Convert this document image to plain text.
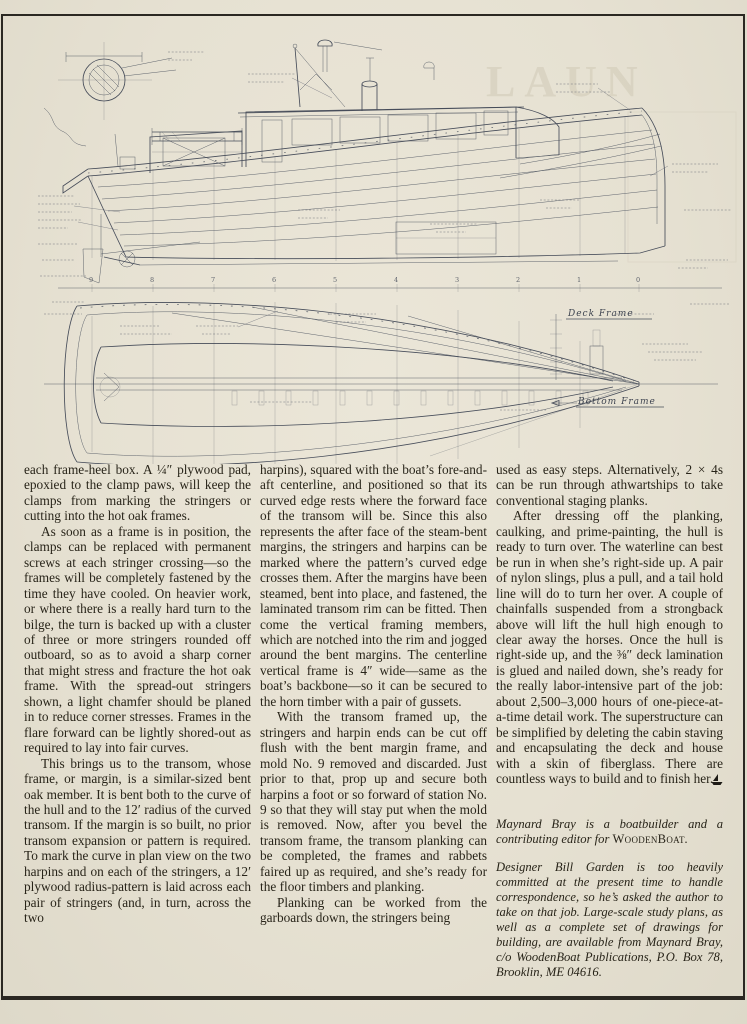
LAUN
9	8	7	6	5	4	3	2	1	0
Deck Frame
Bottom Frame

each frame-heel box. A ¼″ plywood pad, epoxied to the clamp paws, will keep the clamps from marking the stringers or cutting into the hot oak frames.

As soon as a frame is in position, the clamps can be replaced with permanent screws at each stringer crossing—so the frames will be completely fastened by the time they have cooled. On heavier work, or where there is a really hard turn to the bilge, the turn is backed up with a cluster of three or more stringers rounded off outboard, so as to avoid a sharp corner that might stress and fracture the hot oak frame. With the spread-out stringers shown, a light chamfer should be planed in to reduce corner stresses. Frames in the flare forward can be lightly shored-out as required to lay into fair curves.

This brings us to the transom, whose frame, or margin, is a similar-sized bent oak member. It is bent both to the curve of the hull and to the 12′ radius of the curved transom. If the margin is so built, no prior transom expansion or pattern is required. To mark the curve in plan view on the two harpins and on each of the stringers, a 12′ plywood radius-pattern is laid across each pair of stringers (and, in turn, across the two

harpins), squared with the boat’s fore-and-aft centerline, and positioned so that its curved edge rests where the forward face of the transom will be. Since this also represents the after face of the steam-bent margins, the stringers and harpins can be marked where the pattern’s curved edge crosses them. After the margins have been steamed, bent into place, and fastened, the laminated transom rim can be fitted. Then come the vertical framing members, which are notched into the rim and jogged around the bent margins. The centerline vertical frame is 4″ wide—same as the boat’s backbone—so it can be secured to the horn timber with a pair of gussets.

With the transom framed up, the stringers and harpin ends can be cut off flush with the bent margin frame, and mold No. 9 removed and discarded. Just prior to that, prop up and secure both harpins a foot or so forward of station No. 9 so that they will stay put when the mold is removed. Now, after you bevel the transom frame, the transom planking can be completed, the frames and rabbets faired up as required, and she’s ready for the floor timbers and planking.

Planking can be worked from the garboards down, the stringers being

used as easy steps. Alternatively, 2 × 4s can be run through athwartships to take conventional staging planks.

After dressing off the planking, caulking, and prime-painting, the hull is ready to turn over. The waterline can best be run in when she’s right-side up. A pair of nylon slings, plus a pull, and a tail hold line will do to turn her over. A couple of chainfalls suspended from a strongback above will lift the hull high enough to clear away the horses. Once the hull is right-side up, and the ⅜″ deck lamination is glued and nailed down, she’s ready for the really labor-intensive part of the job: about 2,500–3,000 hours of one-piece-at-a-time detail work. The superstructure can be simplified by deleting the cabin staving and encapsulating the deck and house with a skin of fiberglass. There are countless ways to build and to finish her.

Maynard Bray is a boatbuilder and a contributing editor for WoodenBoat.

Designer Bill Garden is too heavily committed at the present time to handle correspondence, so he’s asked the author to take on that job. Large-scale study plans, as well as a complete set of drawings for building, are available from Maynard Bray, c/o WoodenBoat Publications, P.O. Box 78, Brooklin, ME 04616.
